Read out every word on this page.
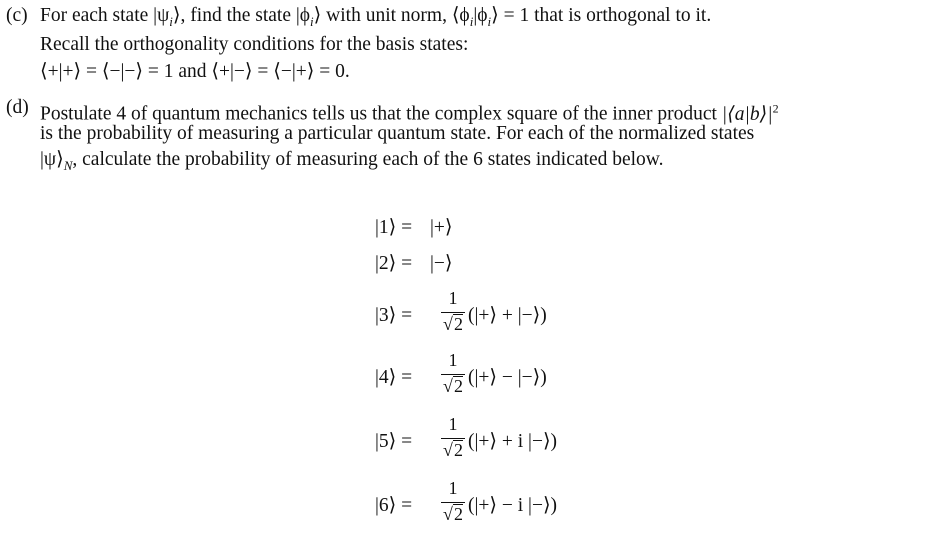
(c) For each state $|\psi_i⟩$, find the state $|\phi_i⟩$ with unit norm, $⟨\phi_i|\phi_i⟩ = 1$ that is orthogonal to it.
Recall the orthogonality conditions for the basis states:
⟨+|+⟩ = ⟨−|−⟩ = 1 and ⟨+|−⟩ = ⟨−|+⟩ = 0.
(d) Postulate 4 of quantum mechanics tells us that the complex square of the inner product $|⟨a|b⟩|^2$
is the probability of measuring a particular quantum state. For each of the normalized states
$|\psi⟩_N$, calculate the probability of measuring each of the 6 states indicated below.
|1⟩ = |+⟩
|2⟩ = |−⟩
|3⟩ =
1
√2 (|+⟩ + |−⟩)
|4⟩ =
1
√2 (|+⟩ − |−⟩)
|5⟩ =
1
√2 (|+⟩ + i |−⟩)
|6⟩ =
1
√2 (|+⟩ − i |−⟩)
